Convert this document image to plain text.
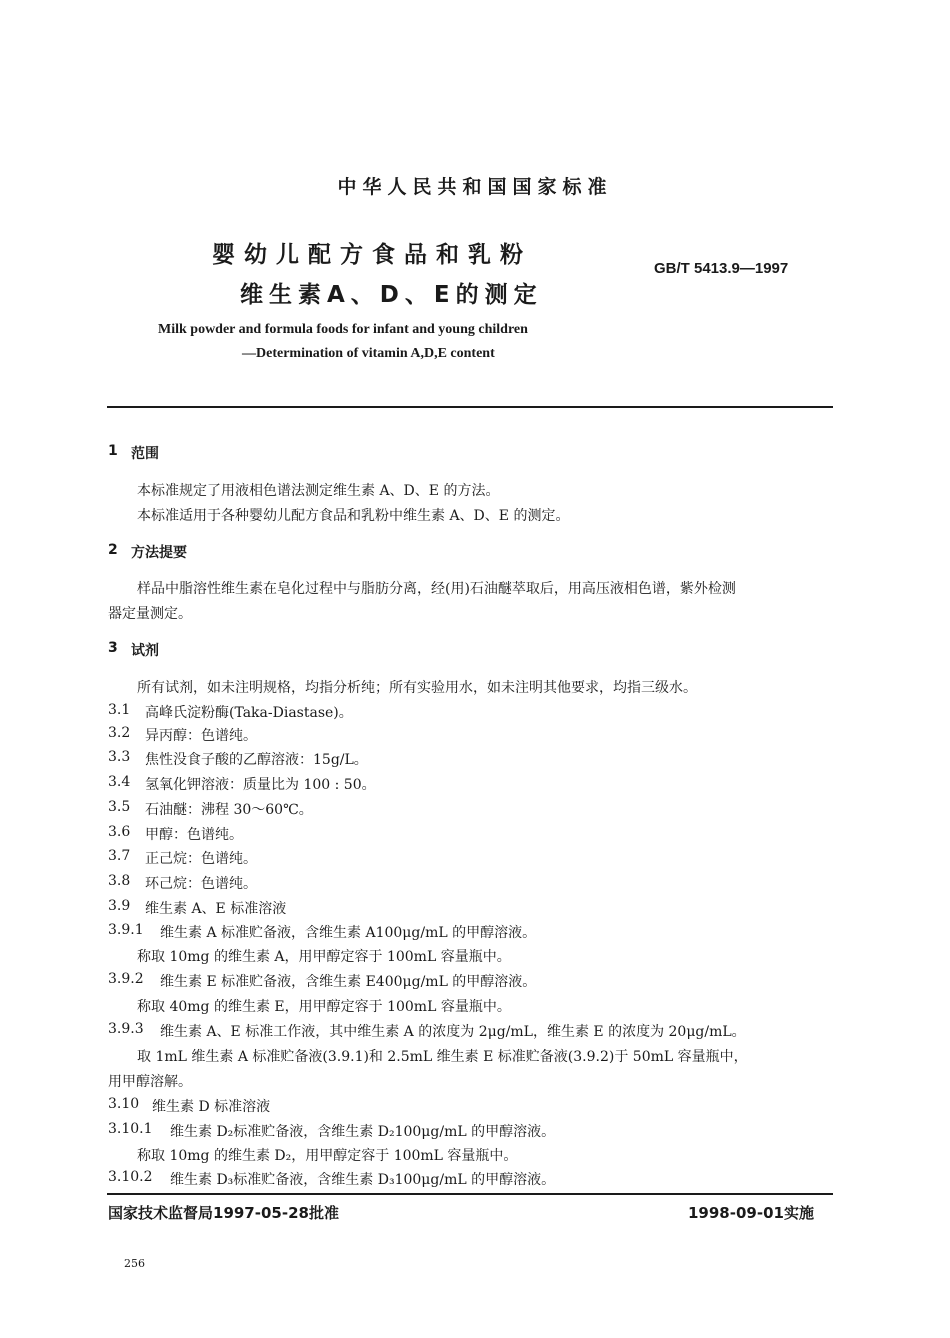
中华人民共和国国家标准
婴幼儿配方食品和乳粉
维生素A、D、E的测定
GB/T 5413.9—1997
Milk powder and formula foods for infant and young children
—Determination of vitamin A,D,E content
1 范围
本标准规定了用液相色谱法测定维生素 A、D、E 的方法。
本标准适用于各种婴幼儿配方食品和乳粉中维生素 A、D、E 的测定。
2 方法提要
样品中脂溶性维生素在皂化过程中与脂肪分离，经(用)石油醚萃取后，用高压液相色谱，紫外检测
器定量测定。
3 试剂
所有试剂，如未注明规格，均指分析纯；所有实验用水，如未注明其他要求，均指三级水。
3.1 高峰氏淀粉酶(Taka-Diastase)。
3.2 异丙醇：色谱纯。
3.3 焦性没食子酸的乙醇溶液：15g/L。
3.4 氢氧化钾溶液：质量比为 100 : 50。
3.5 石油醚：沸程 30～60℃。
3.6 甲醇：色谱纯。
3.7 正己烷：色谱纯。
3.8 环己烷：色谱纯。
3.9 维生素 A、E 标准溶液
3.9.1 维生素 A 标准贮备液，含维生素 A100μg/mL 的甲醇溶液。
称取 10mg 的维生素 A，用甲醇定容于 100mL 容量瓶中。
3.9.2 维生素 E 标准贮备液，含维生素 E400μg/mL 的甲醇溶液。
称取 40mg 的维生素 E，用甲醇定容于 100mL 容量瓶中。
3.9.3 维生素 A、E 标准工作液，其中维生素 A 的浓度为 2μg/mL，维生素 E 的浓度为 20μg/mL。
取 1mL 维生素 A 标准贮备液(3.9.1)和 2.5mL 维生素 E 标准贮备液(3.9.2)于 50mL 容量瓶中，
用甲醇溶解。
3.10 维生素 D 标准溶液
3.10.1 维生素 D₂标准贮备液，含维生素 D₂100μg/mL 的甲醇溶液。
称取 10mg 的维生素 D₂，用甲醇定容于 100mL 容量瓶中。
3.10.2 维生素 D₃标准贮备液，含维生素 D₃100μg/mL 的甲醇溶液。
国家技术监督局1997-05-28批准	1998-09-01实施
256
